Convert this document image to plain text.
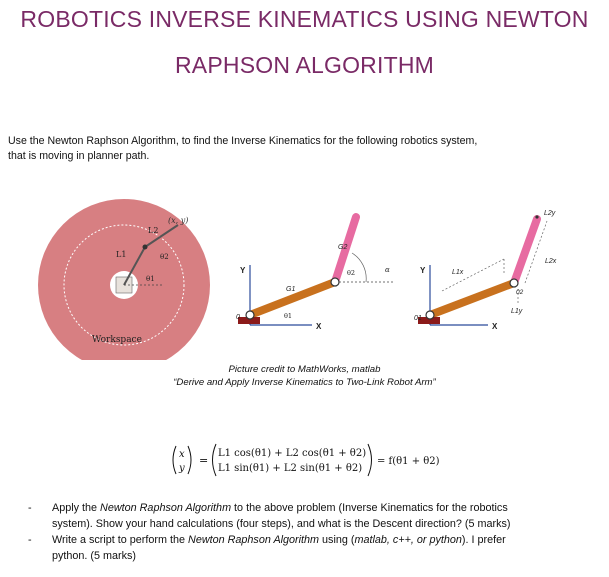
ROBOTICS INVERSE KINEMATICS USING NEWTON
RAPHSON ALGORITHM
Use the Newton Raphson Algorithm, to find the Inverse Kinematics for the following robotics system,
that is moving in planner path.
(x, y)
L1
L2
θ1
θ2
Workspace
Y
X
0
G1
G2
θ1
θ2	α	Y
X
01
02
L1x
L1y
L2x
L2y
Picture credit to MathWorks, matlab
“Derive and Apply Inverse Kinematics to Two-Link Robot Arm”
x
y
=
L1 cos(θ1) + L2 cos(θ1 + θ2)
L1 sin(θ1) + L2 sin(θ1 + θ2)
= f(θ1 + θ2)
- Apply the Newton Raphson Algorithm to the above problem (Inverse Kinematics for the robotics
system). Show your hand calculations (four steps), and what is the Descent direction? (5 marks)
- Write a script to perform the Newton Raphson Algorithm using (matlab, c++, or python). I prefer
python. (5 marks)
